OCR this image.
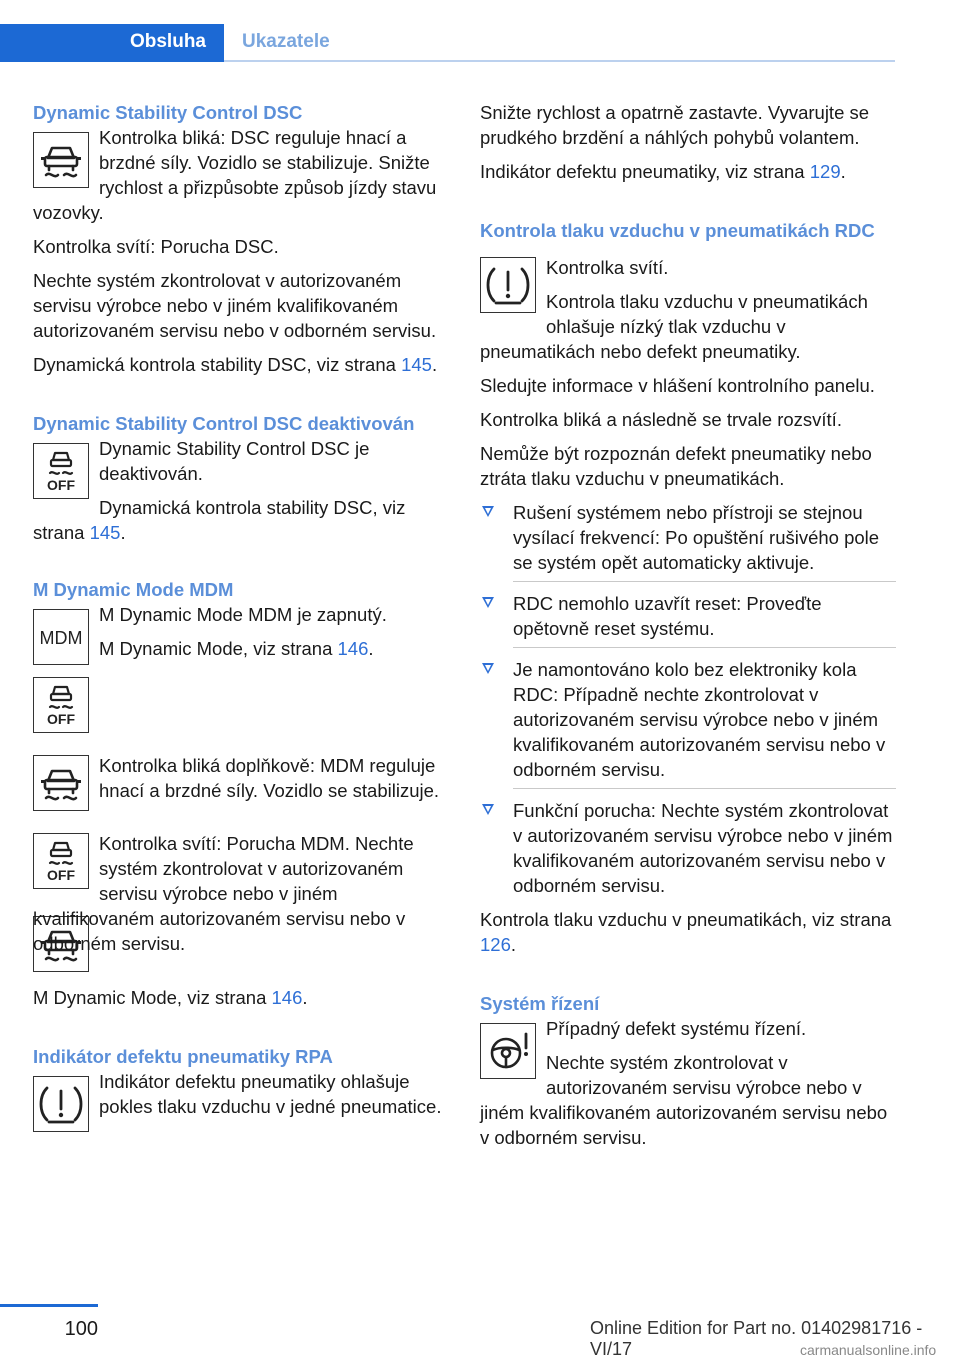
Obsluha	Ukazatele
Dynamic Stability Control DSC
Kontrolka bliká: DSC reguluje hnací a brzdné síly. Vozidlo se stabilizuje. Snižte rychlost a přizpůsobte způsob jízdy stavu vozovky.
Kontrolka svítí: Porucha DSC.
Nechte systém zkontrolovat v autorizovaném servisu výrobce nebo v jiném kvalifikovaném autorizovaném servisu nebo v odborném servisu.
Dynamická kontrola stability DSC, viz strana 145.
Dynamic Stability Control DSC deaktivován
OFF
Dynamic Stability Control DSC je deaktivován.
Dynamická kontrola stability DSC, viz strana 145.
M Dynamic Mode MDM
MDM
M Dynamic Mode MDM je zapnutý.
M Dynamic Mode, viz strana 146.
OFF
Kontrolka bliká doplňkově: MDM reguluje hnací a brzdné síly. Vozidlo se stabilizuje.
OFF
Kontrolka svítí: Porucha MDM. Nechte systém zkontrolovat v autorizovaném servisu výrobce nebo v jiném kvalifikovaném autorizovaném servisu nebo v odborném servisu.
M Dynamic Mode, viz strana 146.
Indikátor defektu pneumatiky RPA
Indikátor defektu pneumatiky ohlašuje pokles tlaku vzduchu v jedné pneumatice.
Snižte rychlost a opatrně zastavte. Vyvarujte se prudkého brzdění a náhlých pohybů volantem.
Indikátor defektu pneumatiky, viz strana 129.
Kontrola tlaku vzduchu v pneumatikách RDC
Kontrolka svítí.
Kontrola tlaku vzduchu v pneumatikách ohlašuje nízký tlak vzduchu v pneumatikách nebo defekt pneumatiky.
Sledujte informace v hlášení kontrolního panelu.
Kontrolka bliká a následně se trvale rozsvítí.
Nemůže být rozpoznán defekt pneumatiky nebo ztráta tlaku vzduchu v pneumatikách.
Rušení systémem nebo přístroji se stejnou vysílací frekvencí: Po opuštění rušivého pole se systém opět automaticky aktivuje.
RDC nemohlo uzavřít reset: Proveďte opětovně reset systému.
Je namontováno kolo bez elektroniky kola RDC: Případně nechte zkontrolovat v autorizovaném servisu výrobce nebo v jiném kvalifikovaném autorizovaném servisu nebo v odborném servisu.
Funkční porucha: Nechte systém zkontrolovat v autorizovaném servisu výrobce nebo v jiném kvalifikovaném autorizovaném servisu nebo v odborném servisu.
Kontrola tlaku vzduchu v pneumatikách, viz strana 126.
Systém řízení
Případný defekt systému řízení.
Nechte systém zkontrolovat v autorizovaném servisu výrobce nebo v jiném kvalifikovaném autorizovaném servisu nebo v odborném servisu.
100	Online Edition for Part no. 01402981716 - VI/17	carmanualsonline.info
